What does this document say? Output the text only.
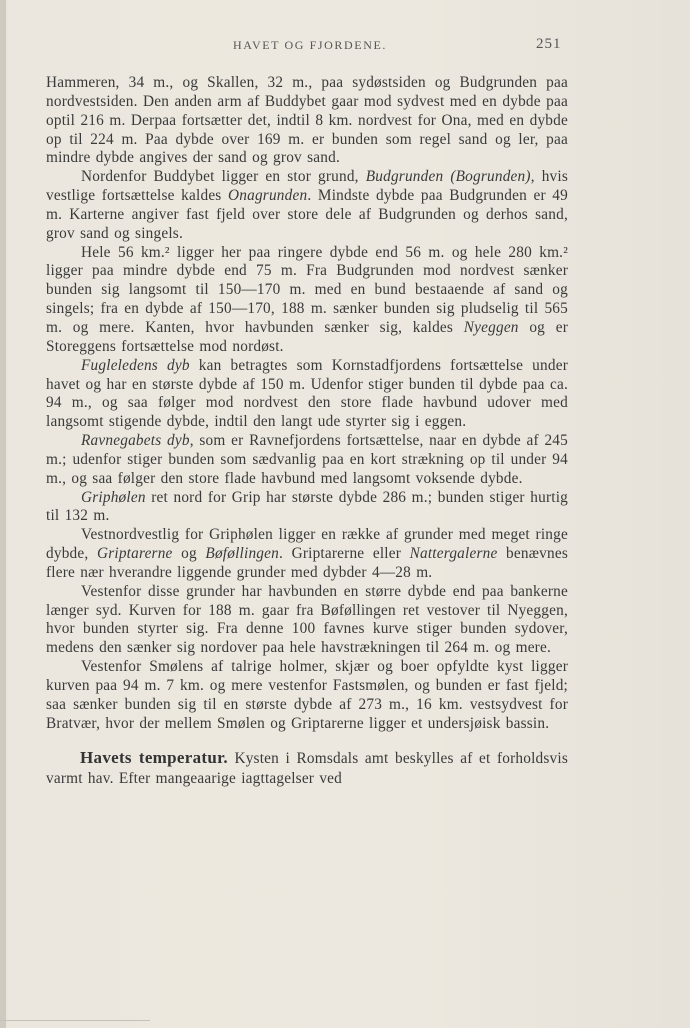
HAVET OG FJORDENE.	251

Hammeren, 34 m., og Skallen, 32 m., paa sydøstsiden og Budgrunden paa nordvestsiden. Den anden arm af Buddybet gaar mod sydvest med en dybde paa optil 216 m. Derpaa fortsætter det, indtil 8 km. nordvest for Ona, med en dybde op til 224 m. Paa dybde over 169 m. er bunden som regel sand og ler, paa mindre dybde angives der sand og grov sand.

Nordenfor Buddybet ligger en stor grund, Budgrunden (Bogrunden), hvis vestlige fortsættelse kaldes Onagrunden. Mindste dybde paa Budgrunden er 49 m. Karterne angiver fast fjeld over store dele af Budgrunden og derhos sand, grov sand og singels.

Hele 56 km.² ligger her paa ringere dybde end 56 m. og hele 280 km.² ligger paa mindre dybde end 75 m. Fra Budgrunden mod nordvest sænker bunden sig langsomt til 150—170 m. med en bund bestaaende af sand og singels; fra en dybde af 150—170, 188 m. sænker bunden sig pludselig til 565 m. og mere. Kanten, hvor havbunden sænker sig, kaldes Nyeggen og er Storeggens fortsættelse mod nordøst.

Fugleledens dyb kan betragtes som Kornstadfjordens fortsættelse under havet og har en største dybde af 150 m. Udenfor stiger bunden til dybde paa ca. 94 m., og saa følger mod nordvest den store flade havbund udover med langsomt stigende dybde, indtil den langt ude styrter sig i eggen.

Ravnegabets dyb, som er Ravnefjordens fortsættelse, naar en dybde af 245 m.; udenfor stiger bunden som sædvanlig paa en kort strækning op til under 94 m., og saa følger den store flade havbund med langsomt voksende dybde.

Griphølen ret nord for Grip har største dybde 286 m.; bunden stiger hurtig til 132 m.

Vestnordvestlig for Griphølen ligger en række af grunder med meget ringe dybde, Griptarerne og Bøføllingen. Griptarerne eller Nattergalerne benævnes flere nær hverandre liggende grunder med dybder 4—28 m.

Vestenfor disse grunder har havbunden en større dybde end paa bankerne længer syd. Kurven for 188 m. gaar fra Bøføllingen ret vestover til Nyeggen, hvor bunden styrter sig. Fra denne 100 favnes kurve stiger bunden sydover, medens den sænker sig nordover paa hele havstrækningen til 264 m. og mere.

Vestenfor Smølens af talrige holmer, skjær og boer opfyldte kyst ligger kurven paa 94 m. 7 km. og mere vestenfor Fastsmølen, og bunden er fast fjeld; saa sænker bunden sig til en største dybde af 273 m., 16 km. vestsydvest for Bratvær, hvor der mellem Smølen og Griptarerne ligger et undersjøisk bassin.

Havets temperatur. Kysten i Romsdals amt beskylles af et forholdsvis varmt hav. Efter mangeaarige iagttagelser ved
